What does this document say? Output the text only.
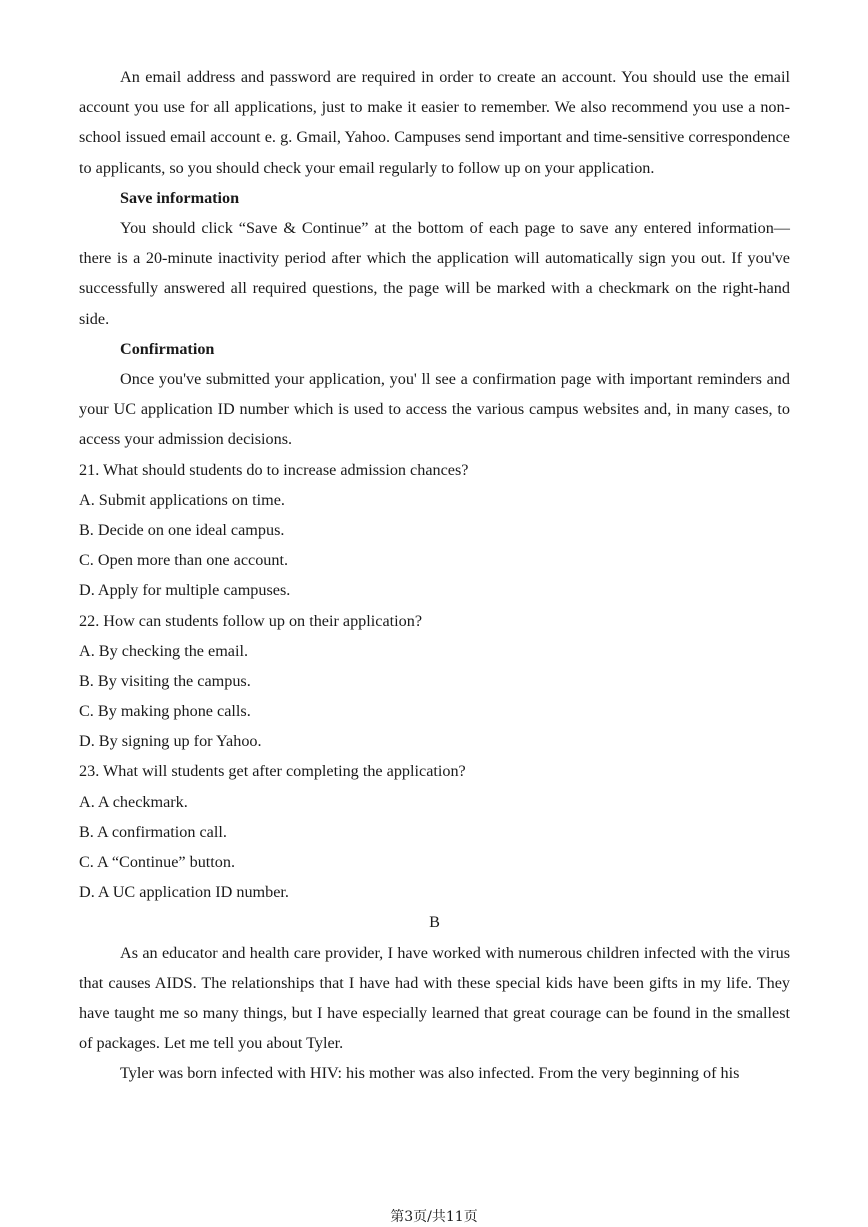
An email address and password are required in order to create an account. You should use the email account you use for all applications, just to make it easier to remember. We also recommend you use a non-school issued email account e. g. Gmail, Yahoo. Campuses send important and time-sensitive correspondence to applicants, so you should check your email regularly to follow up on your application.
Save information
You should click “Save & Continue” at the bottom of each page to save any entered information— there is a 20-minute inactivity period after which the application will automatically sign you out. If you've successfully answered all required questions, the page will be marked with a checkmark on the right-hand side.
Confirmation
Once you've submitted your application, you' ll see a confirmation page with important reminders and your UC application ID number which is used to access the various campus websites and, in many cases, to access your admission decisions.
21. What should students do to increase admission chances?
A. Submit applications on time.
B. Decide on one ideal campus.
C. Open more than one account.
D. Apply for multiple campuses.
22. How can students follow up on their application?
A. By checking the email.
B. By visiting the campus.
C. By making phone calls.
D. By signing up for Yahoo.
23. What will students get after completing the application?
A. A checkmark.
B. A confirmation call.
C. A “Continue” button.
D. A UC application ID number.
B
As an educator and health care provider, I have worked with numerous children infected with the virus that causes AIDS. The relationships that I have had with these special kids have been gifts in my life. They have taught me so many things, but I have especially learned that great courage can be found in the smallest of packages. Let me tell you about Tyler.
Tyler was born infected with HIV: his mother was also infected. From the very beginning of his
第3页/共11页
